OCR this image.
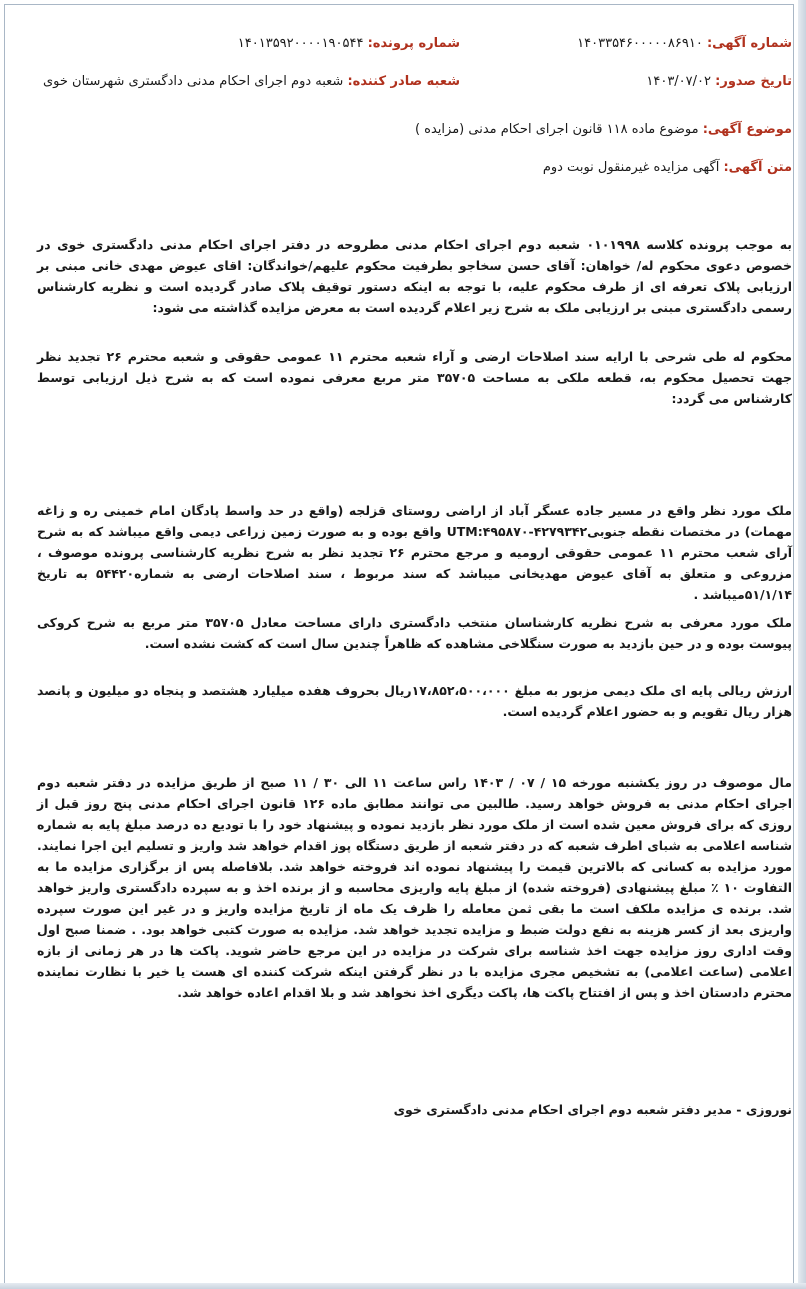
شماره آگهی: ۱۴۰۳۳۵۴۶۰۰۰۰۰۸۶۹۱۰
شماره پرونده: ۱۴۰۱۳۵۹۲۰۰۰۰۱۹۰۵۴۴
تاریخ صدور: ۱۴۰۳/۰۷/۰۲
شعبه صادر کننده: شعبه دوم اجرای احکام مدنی دادگستری شهرستان خوی
موضوع آگهی: موضوع ماده ۱۱۸ قانون اجرای احکام مدنی (مزایده )
متن آگهی: آگهی مزایده غیرمنقول نوبت دوم
به موجب پرونده کلاسه ۰۱۰۱۹۹۸ شعبه دوم اجرای احکام مدنی مطروحه در دفتر اجرای احکام مدنی دادگستری خوی در خصوص دعوی محکوم له/ خواهان: آقای حسن سخاجو بطرفیت محکوم علیهم/خواندگان: اقای عیوض مهدی خانی مبنی بر ارزیابی پلاک تعرفه ای از طرف محکوم علیه، با توجه به اینکه دستور توقیف پلاک صادر گردیده است و نظریه کارشناس رسمی دادگستری مبنی بر ارزیابی ملک به شرح زیر اعلام گردیده است به معرض مزایده گذاشته می شود:
محکوم له طی شرحی با ارایه سند اصلاحات ارضی و آراء شعبه محترم ۱۱ عمومی حقوقی و شعبه محترم ۲۶ تجدید نظر جهت تحصیل محکوم به، قطعه ملکی به مساحت ۳۵۷۰۵ متر مربع معرفی نموده است که به شرح ذیل ارزیابی توسط کارشناس می گردد:
ملک مورد نظر واقع در مسیر جاده عسگر آباد از اراضی روستای قزلجه (واقع در حد واسط پادگان امام خمینی ره و زاغه مهمات) در مختصات نقطه جنوبی۴۲۷۹۳۴۲-UTM:۴۹۵۸۷۰ واقع بوده و به صورت زمین زراعی دیمی واقع میباشد که به شرح آرای شعب محترم ۱۱ عمومی حقوقی ارومیه و مرجع محترم ۲۶ تجدید نظر به شرح نظریه کارشناسی پرونده موصوف ، مزروعی و متعلق به آقای عیوض مهدیخانی میباشد که سند مربوط ، سند اصلاحات ارضی به شماره۵۴۴۲۰ به تاریخ ۵۱/۱/۱۴میباشد .
ملک مورد معرفی به شرح نظریه کارشناسان منتخب دادگستری دارای مساحت معادل ۳۵۷۰۵ متر مربع به شرح کروکی پیوست بوده و در حین بازدید به صورت سنگلاخی مشاهده که ظاهراً چندین سال است که کشت نشده است.
ارزش ریالی پایه ای ملک دیمی مزبور به مبلغ ۱۷،۸۵۲،۵۰۰،۰۰۰ریال بحروف هفده میلیارد هشتصد و پنجاه دو میلیون و پانصد هزار ریال تقویم و به حضور اعلام گردیده است.
مال موصوف در روز یکشنبه مورخه ۱۵ / ۰۷ / ۱۴۰۳ راس ساعت ۱۱ الی ۳۰ / ۱۱ صبح از طریق مزایده در دفتر شعبه دوم اجرای احکام مدنی به فروش خواهد رسید. طالبین می توانند مطابق ماده ۱۲۶ قانون اجرای احکام مدنی پنج روز قبل از روزی که برای فروش معین شده است از ملک مورد نظر بازدید نموده و پیشنهاد خود را با تودیع ده درصد مبلغ پایه به شماره شناسه اعلامی به شبای اطرف شعبه که در دفتر شعبه از طریق دستگاه پوز اقدام خواهد شد واریز و تسلیم این اجرا نمایند. مورد مزایده به کسانی که بالاترین قیمت را پیشنهاد نموده اند فروخته خواهد شد. بلافاصله پس از برگزاری مزایده ما به التفاوت ۱۰ ٪ مبلغ پیشنهادی (فروخته شده) از مبلغ پایه واریزی محاسبه و از برنده اخذ و به سپرده دادگستری واریز خواهد شد. برنده ی مزایده ملکف است ما بقی ثمن معامله را ظرف یک ماه از تاریخ مزایده واریز و در غیر این صورت سپرده واریزی بعد از کسر هزینه به نفع دولت ضبط و مزایده تجدید خواهد شد. مزایده به صورت کتبی خواهد بود. . ضمنا صبح اول وقت اداری روز مزایده جهت اخذ شناسه برای شرکت در مزایده در این مرجع حاضر شوید. پاکت ها در هر زمانی از بازه اعلامی (ساعت اعلامی) به تشخیص مجری مزایده با در نظر گرفتن اینکه شرکت کننده ای هست یا خیر با نظارت نماینده محترم دادستان اخذ و پس از افتتاح پاکت ها، پاکت دیگری اخذ نخواهد شد و بلا اقدام اعاده خواهد شد.
نوروزی - مدیر دفتر شعبه دوم اجرای احکام مدنی دادگستری خوی
